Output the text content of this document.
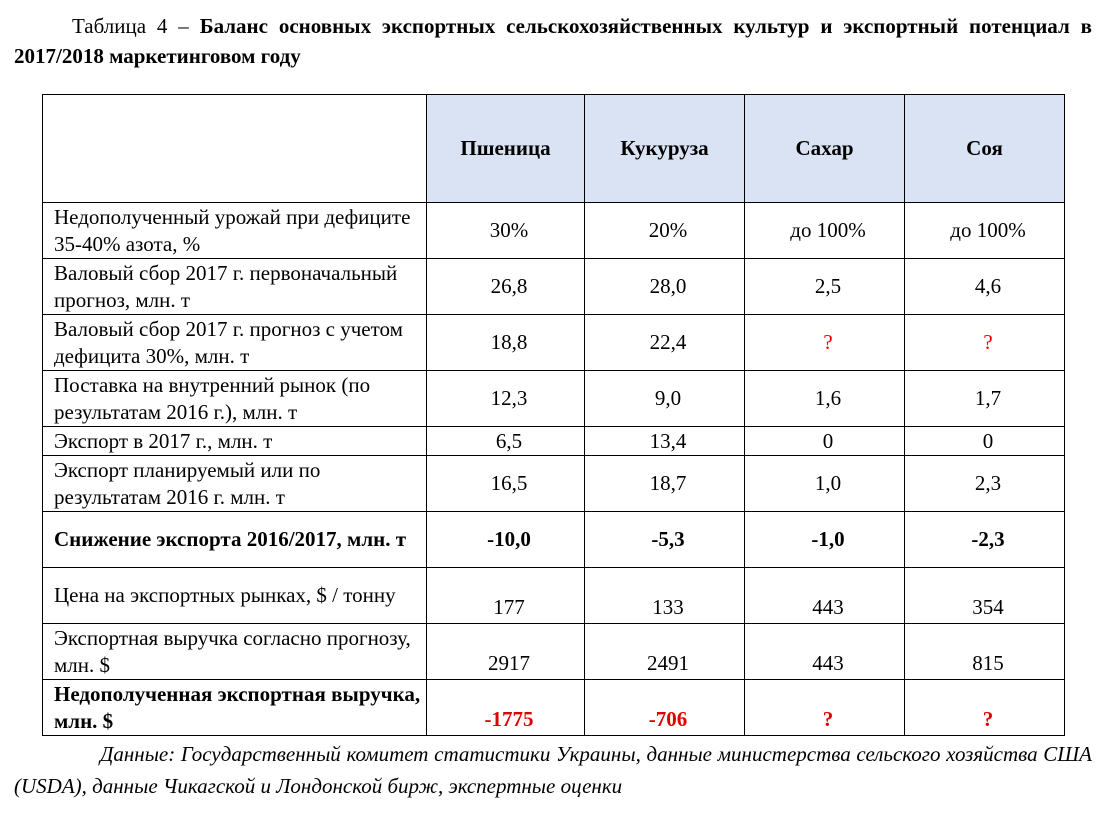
Таблица 4 – Баланс основных экспортных сельскохозяйственных культур и экспортный потенциал в 2017/2018 маркетинговом году
	Пшеница	Кукуруза	Сахар	Соя
Недополученный урожай при дефиците 35-40% азота, %	30%	20%	до 100%	до 100%
Валовый сбор 2017 г. первоначальный прогноз, млн. т	26,8	28,0	2,5	4,6
Валовый сбор 2017 г. прогноз с учетом дефицита 30%, млн. т	18,8	22,4	?	?
Поставка на внутренний рынок (по результатам 2016 г.), млн. т	12,3	9,0	1,6	1,7
Экспорт в 2017 г., млн. т	6,5	13,4	0	0
Экспорт планируемый или по результатам 2016 г. млн. т	16,5	18,7	1,0	2,3
Снижение экспорта 2016/2017, млн. т	-10,0	-5,3	-1,0	-2,3
Цена на экспортных рынках, $ / тонну	177	133	443	354
Экспортная выручка согласно прогнозу, млн. $	2917	2491	443	815
Недополученная экспортная выручка, млн. $	-1775	-706	?	?
Данные: Государственный комитет статистики Украины, данные министерства сельского хозяйства США (USDA), данные Чикагской и Лондонской бирж, экспертные оценки
